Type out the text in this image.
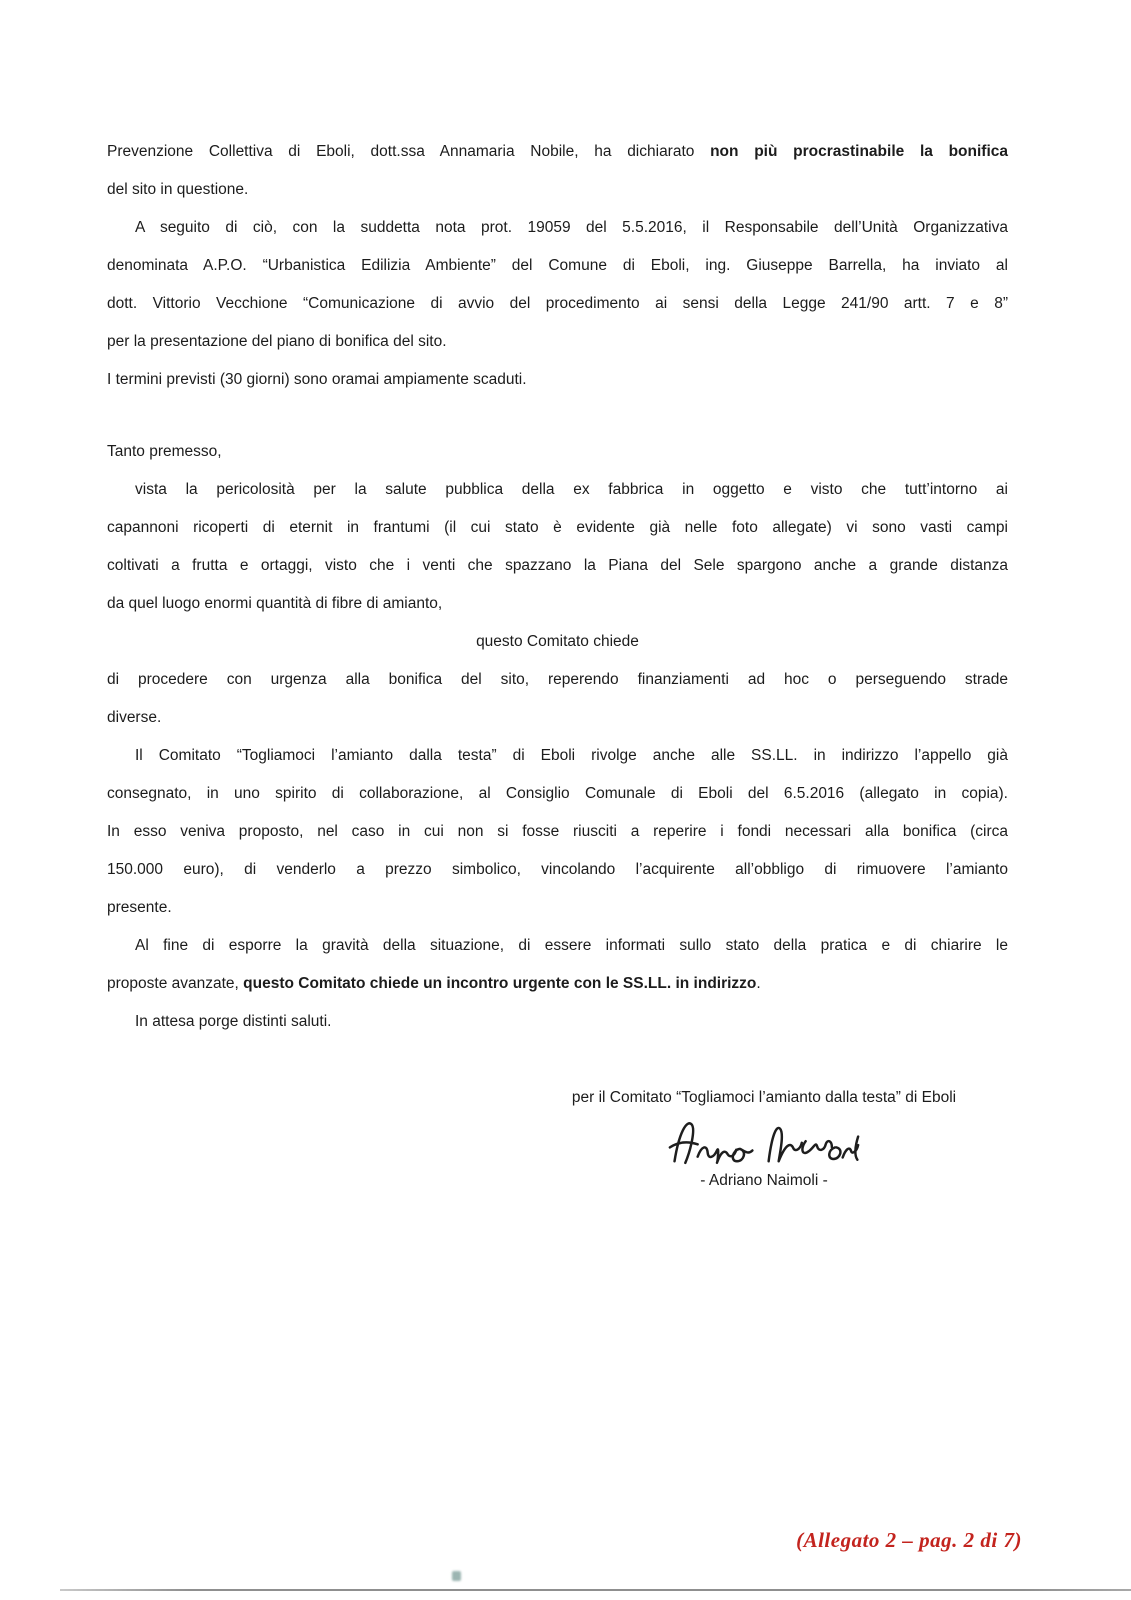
Prevenzione Collettiva di Eboli, dott.ssa Annamaria Nobile, ha dichiarato non più procrastinabile la bonifica
del sito in questione.
A seguito di ciò, con la suddetta nota prot. 19059 del 5.5.2016, il Responsabile dell’Unità Organizzativa
denominata A.P.O. “Urbanistica Edilizia Ambiente” del Comune di Eboli, ing. Giuseppe Barrella, ha inviato al
dott. Vittorio Vecchione “Comunicazione di avvio del procedimento ai sensi della Legge 241/90 artt. 7 e 8”
per la presentazione del piano di bonifica del sito.
I termini previsti (30 giorni) sono oramai ampiamente scaduti.
Tanto premesso,
vista la pericolosità per la salute pubblica della ex fabbrica in oggetto e visto che tutt’intorno ai
capannoni ricoperti di eternit in frantumi (il cui stato è evidente già nelle foto allegate) vi sono vasti campi
coltivati a frutta e ortaggi, visto che i venti che spazzano la Piana del Sele spargono anche a grande distanza
da quel luogo enormi quantità di fibre di amianto,
questo Comitato chiede
di procedere con urgenza alla bonifica del sito, reperendo finanziamenti ad hoc o perseguendo strade
diverse.
Il Comitato “Togliamoci l’amianto dalla testa” di Eboli rivolge anche alle SS.LL. in indirizzo l’appello già
consegnato, in uno spirito di collaborazione, al Consiglio Comunale di Eboli del 6.5.2016 (allegato in copia).
In esso veniva proposto, nel caso in cui non si fosse riusciti a reperire i fondi necessari alla bonifica (circa
150.000 euro), di venderlo a prezzo simbolico, vincolando l’acquirente all’obbligo di rimuovere l’amianto
presente.
Al fine di esporre la gravità della situazione, di essere informati sullo stato della pratica e di chiarire le
proposte avanzate, questo Comitato chiede un incontro urgente con le SS.LL. in indirizzo.
In attesa porge distinti saluti.
per il Comitato “Togliamoci l’amianto dalla testa” di Eboli
- Adriano Naimoli -
(Allegato 2 – pag. 2 di 7)
